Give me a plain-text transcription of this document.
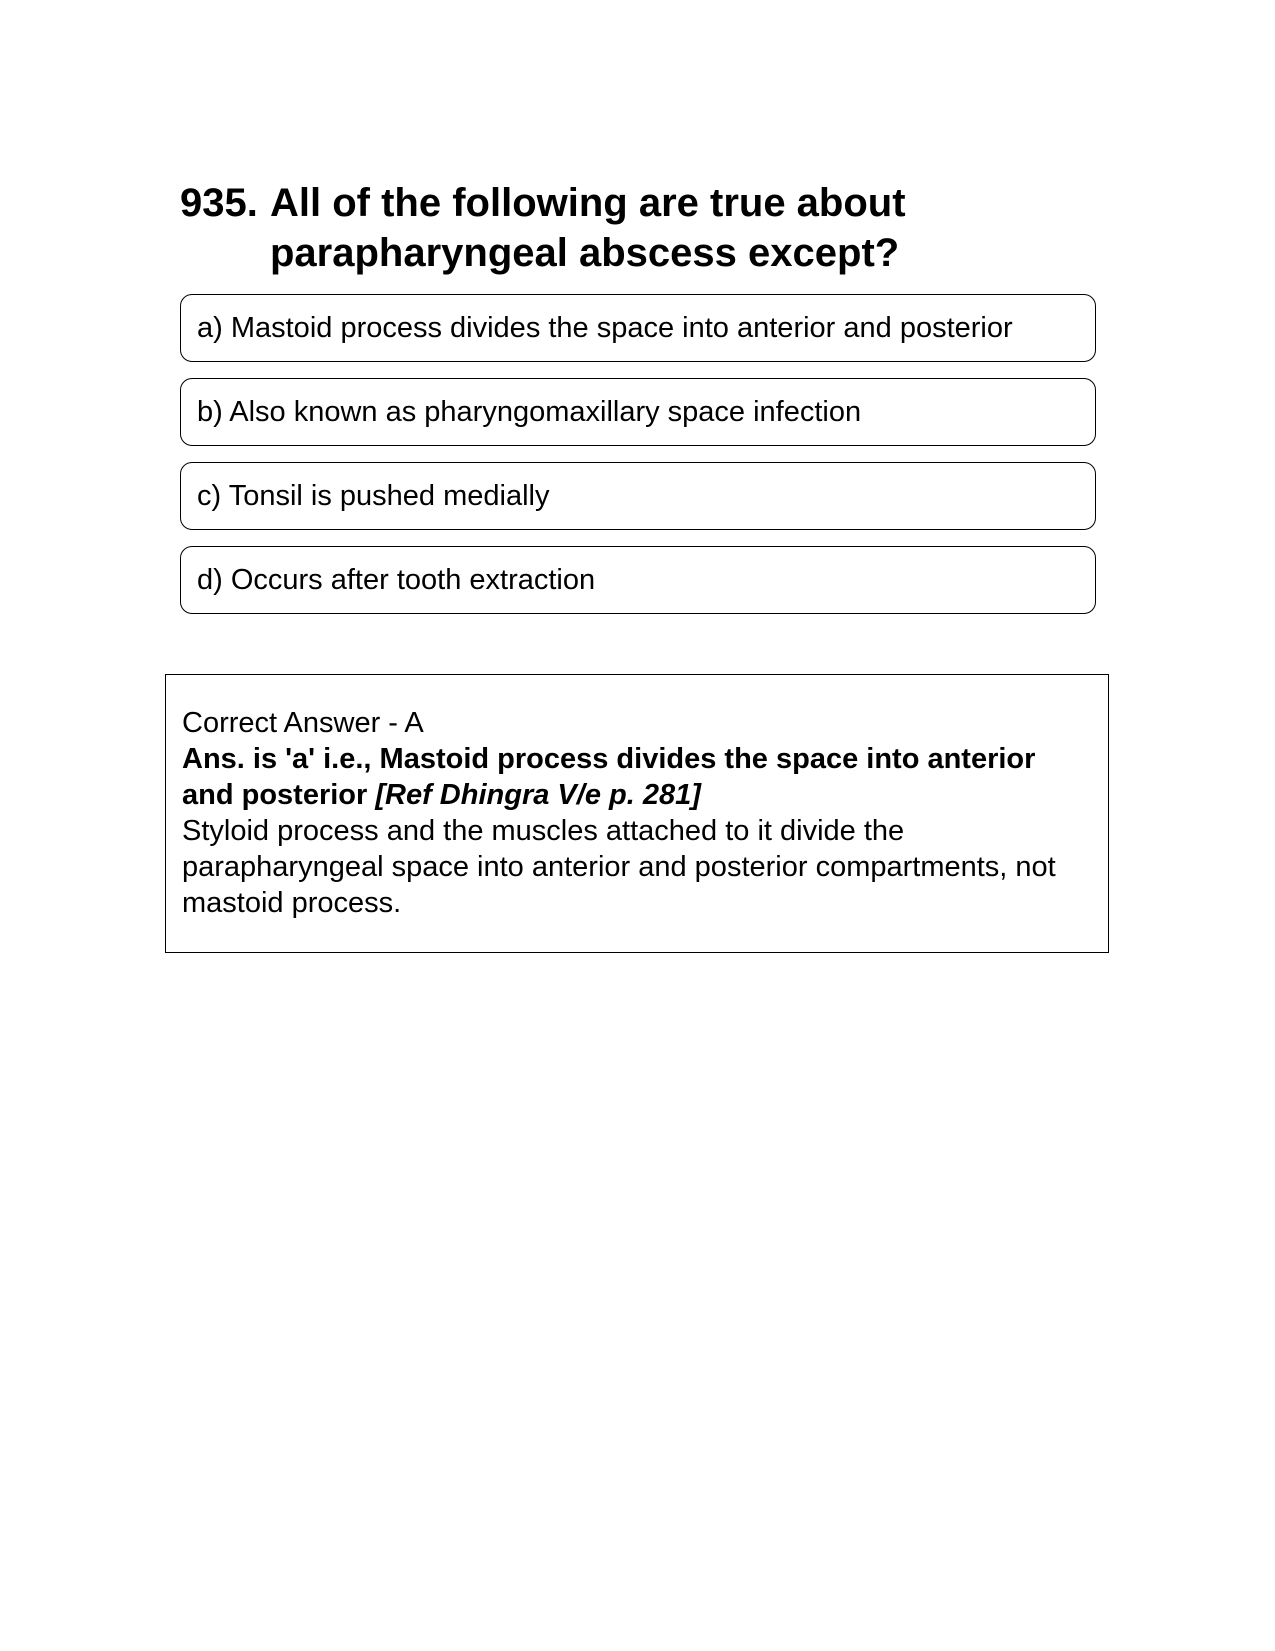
935. All of the following are true about parapharyngeal abscess except?
a) Mastoid process divides the space into anterior and posterior
b) Also known as pharyngomaxillary space infection
c) Tonsil is pushed medially
d) Occurs after tooth extraction
Correct Answer - A
Ans. is 'a' i.e., Mastoid process divides the space into anterior and posterior [Ref Dhingra V/e p. 281]
Styloid process and the muscles attached to it divide the parapharyngeal space into anterior and posterior compartments, not mastoid process.
